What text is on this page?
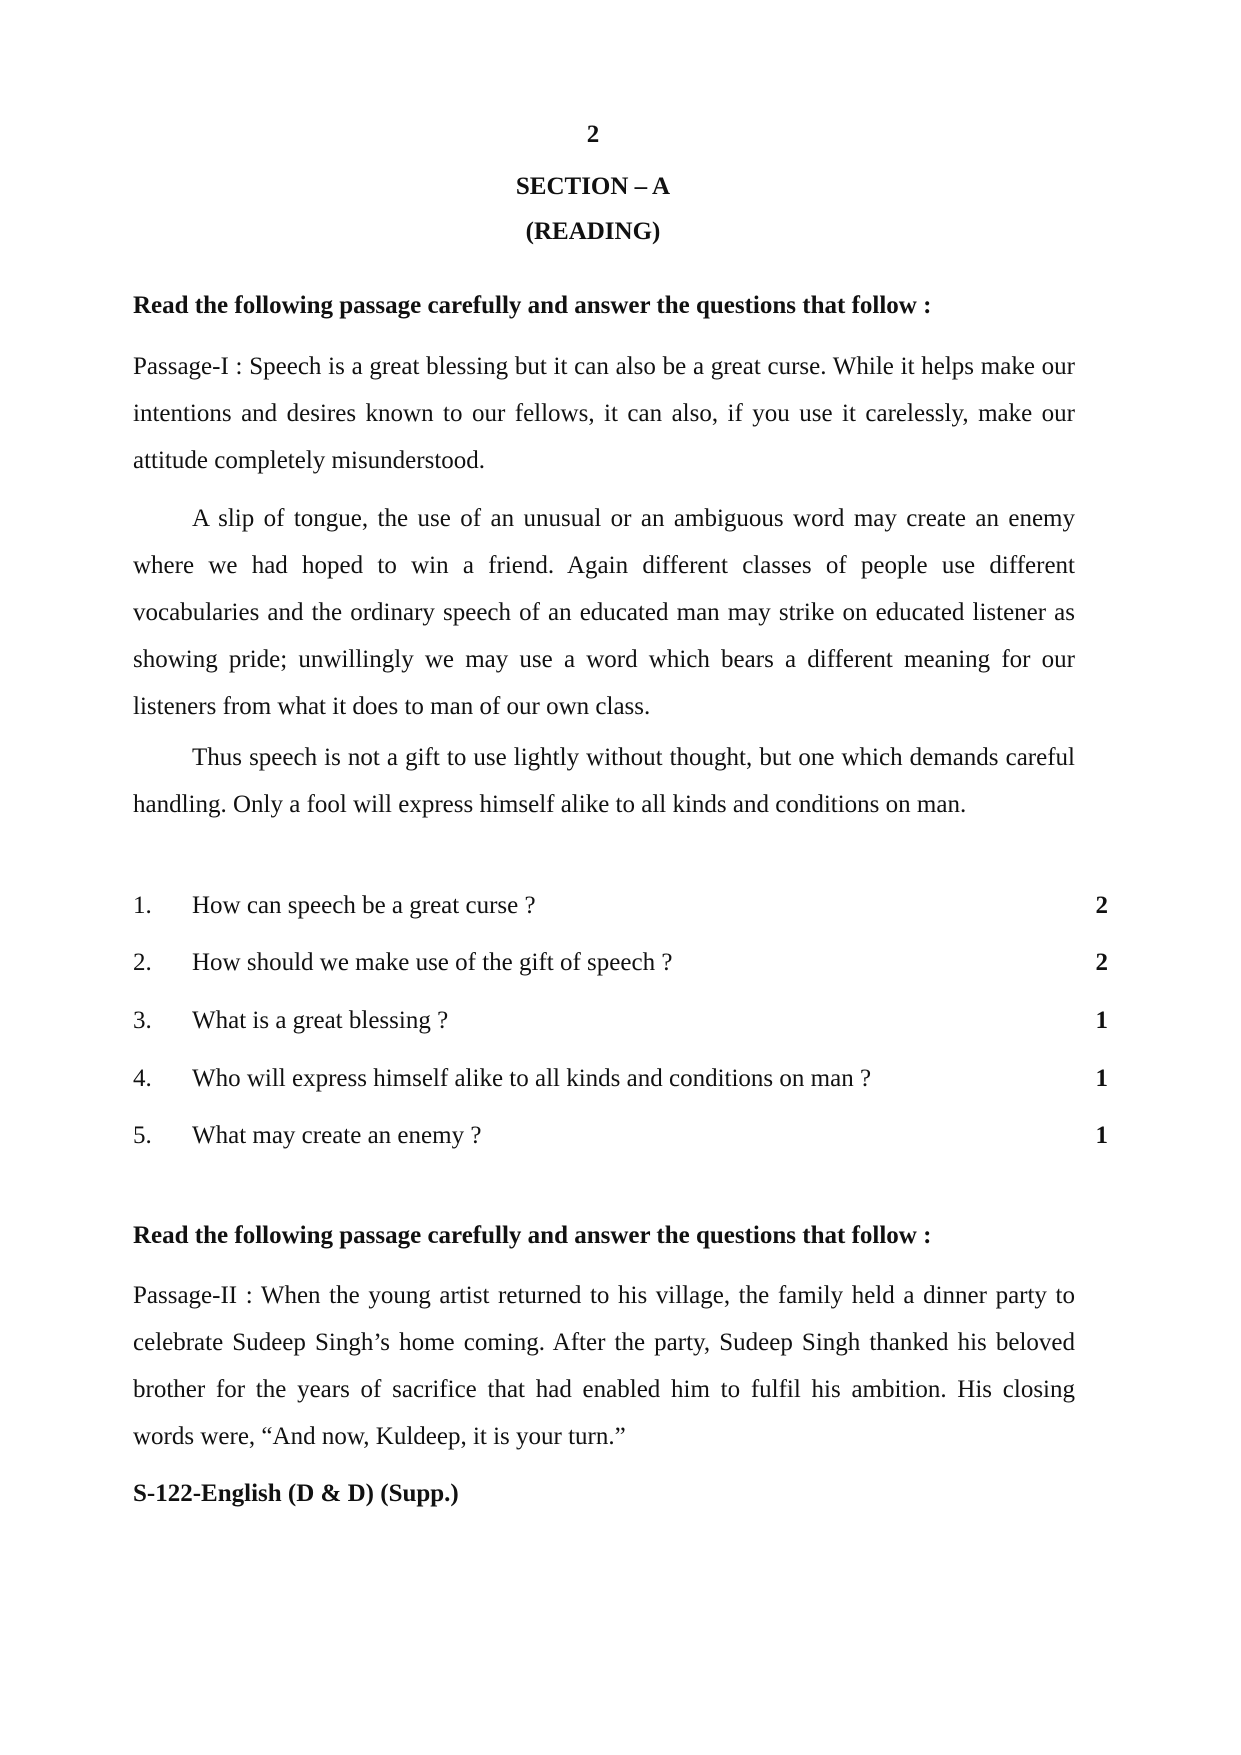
2
SECTION – A
(READING)
Read the following passage carefully and answer the questions that follow :
Passage-I : Speech is a great blessing but it can also be a great curse. While it helps make our intentions and desires known to our fellows, it can also, if you use it carelessly, make our attitude completely misunderstood.
A slip of tongue, the use of an unusual or an ambiguous word may create an enemy where we had hoped to win a friend. Again different classes of people use different vocabularies and the ordinary speech of an educated man may strike on educated listener as showing pride; unwillingly we may use a word which bears a different meaning for our listeners from what it does to man of our own class.
Thus speech is not a gift to use lightly without thought, but one which demands careful handling. Only a fool will express himself alike to all kinds and conditions on man.
1. How can speech be a great curse ?	2
2. How should we make use of the gift of speech ?	2
3. What is a great blessing ?	1
4. Who will express himself alike to all kinds and conditions on man ?	1
5. What may create an enemy ?	1
Read the following passage carefully and answer the questions that follow :
Passage-II : When the young artist returned to his village, the family held a dinner party to celebrate Sudeep Singh’s home coming. After the party, Sudeep Singh thanked his beloved brother for the years of sacrifice that had enabled him to fulfil his ambition. His closing words were, “And now, Kuldeep, it is your turn.”
S-122-English (D & D) (Supp.)
